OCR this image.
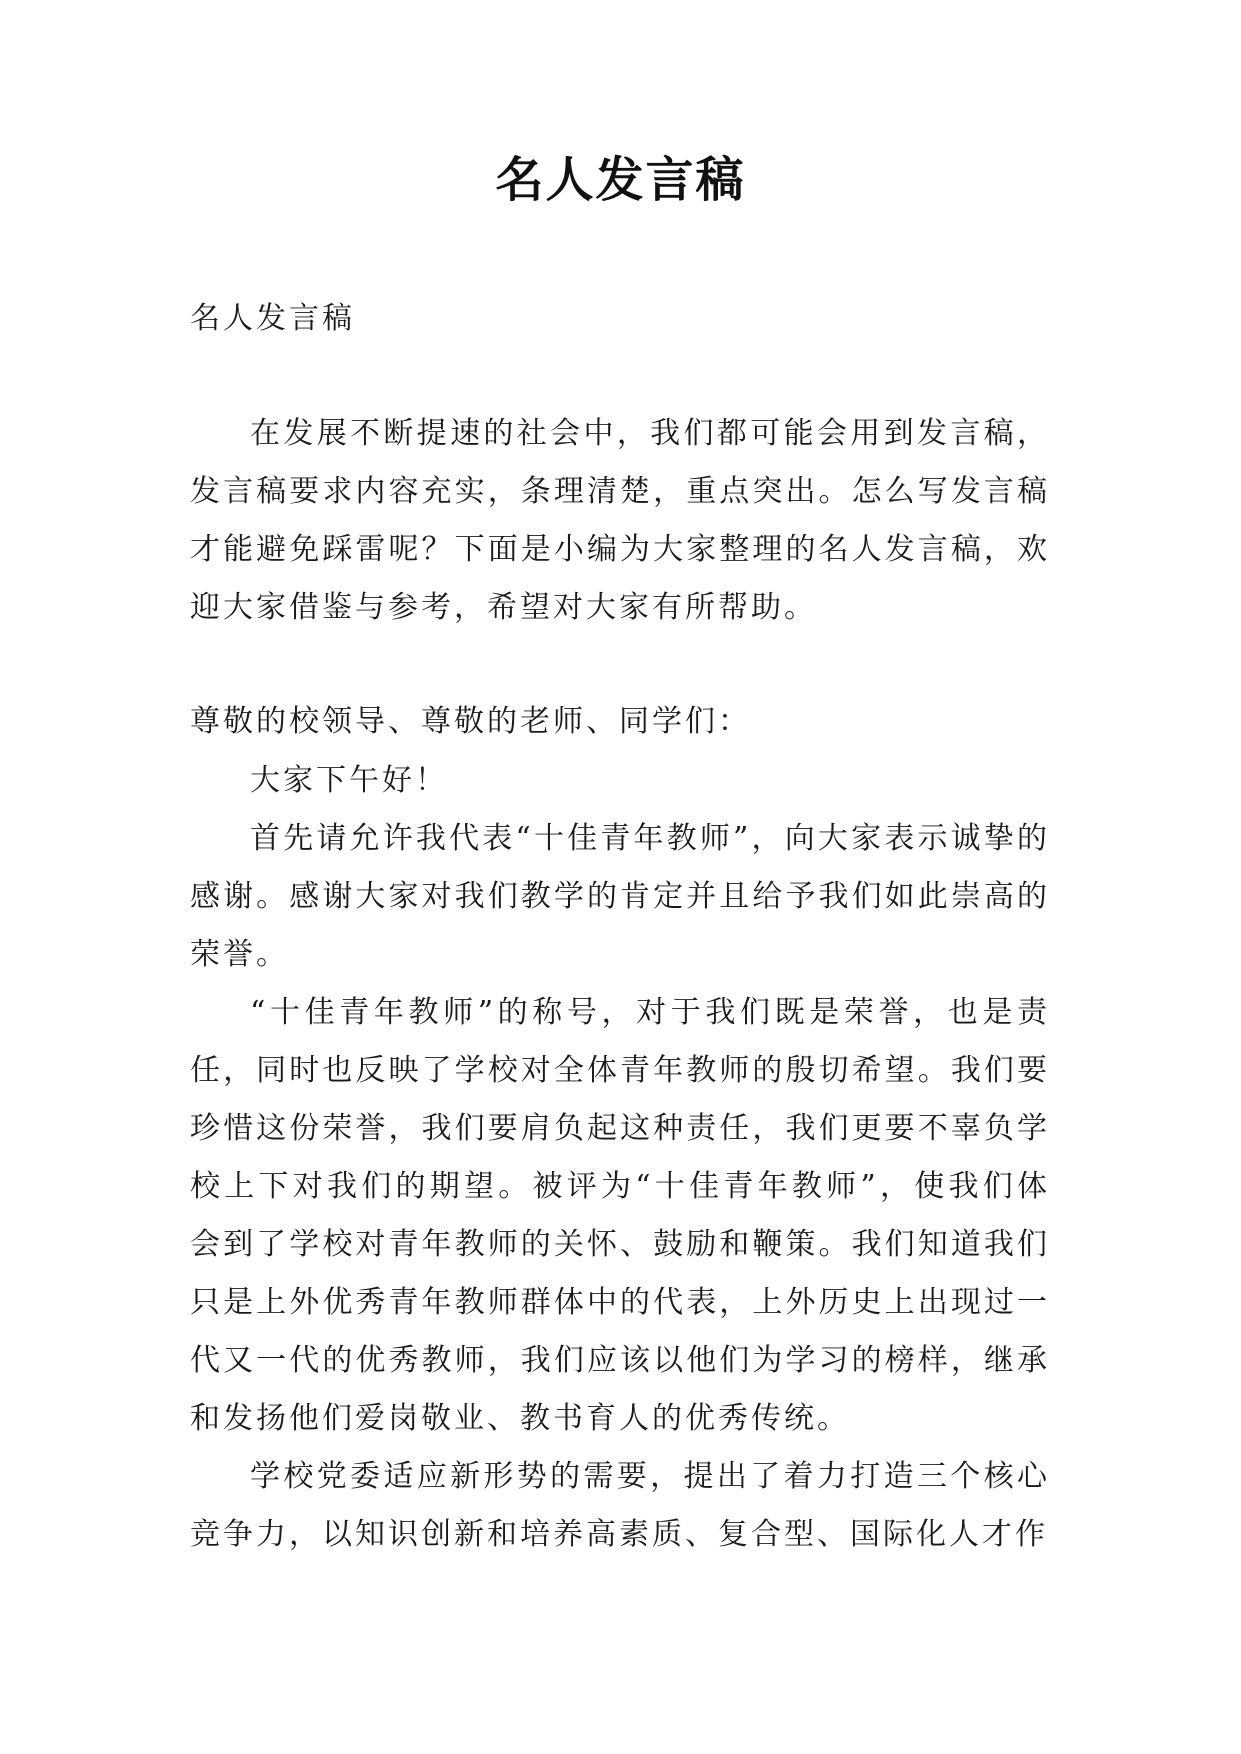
名人发言稿
名人发言稿

在发展不断提速的社会中，我们都可能会用到发言稿，发言稿要求内容充实，条理清楚，重点突出。怎么写发言稿才能避免踩雷呢？下面是小编为大家整理的名人发言稿，欢迎大家借鉴与参考，希望对大家有所帮助。

尊敬的校领导、尊敬的老师、同学们：

大家下午好！

首先请允许我代表“十佳青年教师”，向大家表示诚挚的感谢。感谢大家对我们教学的肯定并且给予我们如此崇高的荣誉。

“十佳青年教师”的称号，对于我们既是荣誉，也是责任，同时也反映了学校对全体青年教师的殷切希望。我们要珍惜这份荣誉，我们要肩负起这种责任，我们更要不辜负学校上下对我们的期望。被评为“十佳青年教师”，使我们体会到了学校对青年教师的关怀、鼓励和鞭策。我们知道我们只是上外优秀青年教师群体中的代表，上外历史上出现过一代又一代的优秀教师，我们应该以他们为学习的榜样，继承和发扬他们爱岗敬业、教书育人的优秀传统。

学校党委适应新形势的需要，提出了着力打造三个核心竞争力，以知识创新和培养高素质、复合型、国际化人才作
